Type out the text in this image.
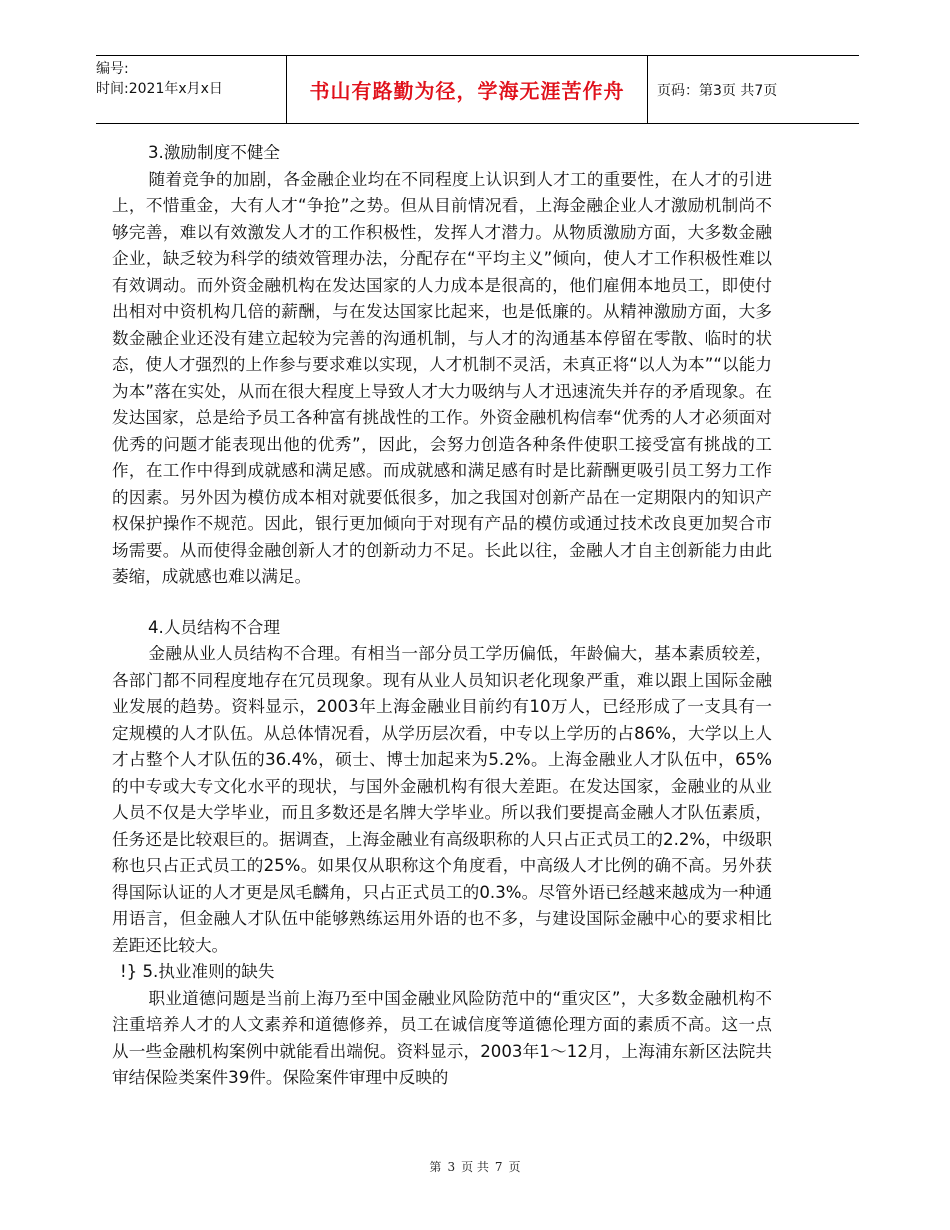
编号:
时间:2021年x月x日	书山有路勤为径，学海无涯苦作舟	页码：第3页 共7页
3.激励制度不健全

随着竞争的加剧，各金融企业均在不同程度上认识到人才工的重要性，在人才的引进上，不惜重金，大有人才“争抢”之势。但从目前情况看，上海金融企业人才激励机制尚不够完善，难以有效激发人才的工作积极性，发挥人才潜力。从物质激励方面，大多数金融企业，缺乏较为科学的绩效管理办法，分配存在“平均主义”倾向，使人才工作积极性难以有效调动。而外资金融机构在发达国家的人力成本是很高的，他们雇佣本地员工，即使付出相对中资机构几倍的薪酬，与在发达国家比起来，也是低廉的。从精神激励方面，大多数金融企业还没有建立起较为完善的沟通机制，与人才的沟通基本停留在零散、临时的状态，使人才强烈的上作参与要求难以实现，人才机制不灵活，未真正将“以人为本”“以能力为本”落在实处，从而在很大程度上导致人才大力吸纳与人才迅速流失并存的矛盾现象。在发达国家，总是给予员工各种富有挑战性的工作。外资金融机构信奉“优秀的人才必须面对优秀的问题才能表现出他的优秀”，因此，会努力创造各种条件使职工接受富有挑战的工作，在工作中得到成就感和满足感。而成就感和满足感有时是比薪酬更吸引员工努力工作的因素。另外因为模仿成本相对就要低很多，加之我国对创新产品在一定期限内的知识产权保护操作不规范。因此，银行更加倾向于对现有产品的模仿或通过技术改良更加契合市场需要。从而使得金融创新人才的创新动力不足。长此以往，金融人才自主创新能力由此萎缩，成就感也难以满足。

4.人员结构不合理

金融从业人员结构不合理。有相当一部分员工学历偏低，年龄偏大，基本素质较差，各部门都不同程度地存在冗员现象。现有从业人员知识老化现象严重，难以跟上国际金融业发展的趋势。资料显示，2003年上海金融业目前约有10万人，已经形成了一支具有一定规模的人才队伍。从总体情况看，从学历层次看，中专以上学历的占86%，大学以上人才占整个人才队伍的36.4%，硕士、博士加起来为5.2%。上海金融业人才队伍中，65%的中专或大专文化水平的现状，与国外金融机构有很大差距。在发达国家，金融业的从业人员不仅是大学毕业，而且多数还是名牌大学毕业。所以我们要提高金融人才队伍素质，任务还是比较艰巨的。据调查，上海金融业有高级职称的人只占正式员工的2.2%，中级职称也只占正式员工的25%。如果仅从职称这个角度看，中高级人才比例的确不高。另外获得国际认证的人才更是凤毛麟角，只占正式员工的0.3%。尽管外语已经越来越成为一种通用语言，但金融人才队伍中能够熟练运用外语的也不多，与建设国际金融中心的要求相比差距还比较大。

!} 5.执业准则的缺失

职业道德问题是当前上海乃至中国金融业风险防范中的“重灾区”，大多数金融机构不注重培养人才的人文素养和道德修养，员工在诚信度等道德伦理方面的素质不高。这一点从一些金融机构案例中就能看出端倪。资料显示，2003年1～12月，上海浦东新区法院共审结保险类案件39件。保险案件审理中反映的

第 3 页 共 7 页
